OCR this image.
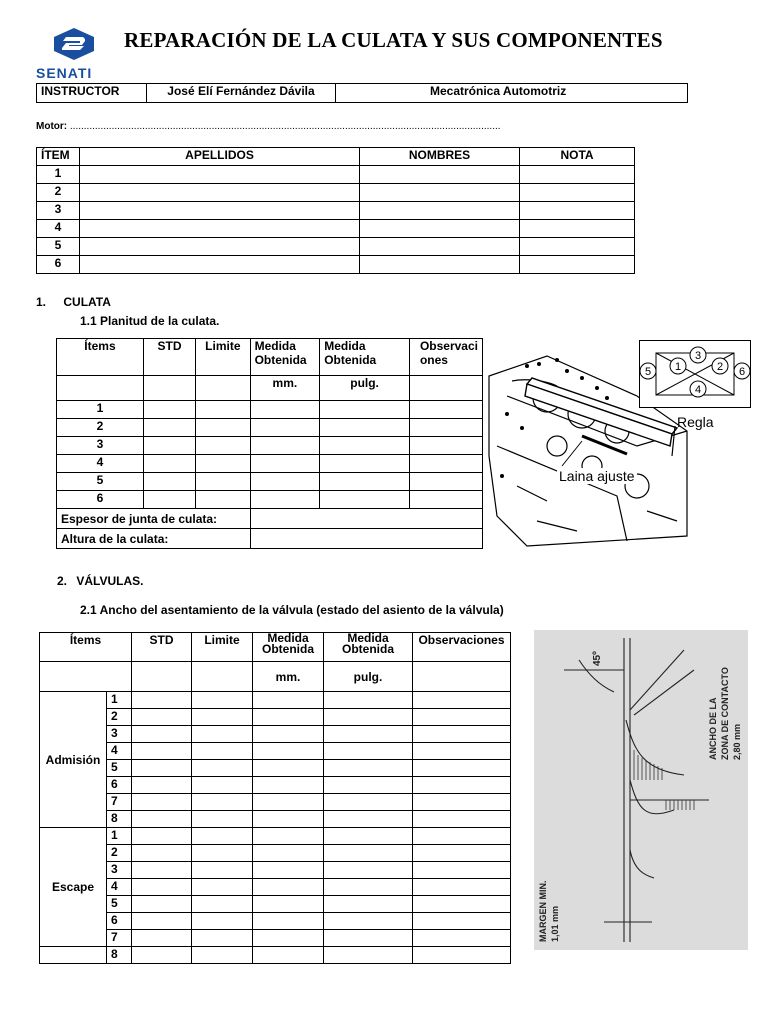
SENATI
REPARACIÓN DE LA CULATA Y SUS COMPONENTES
INSTRUCTOR	José Elí Fernández Dávila	Mecatrónica Automotriz
Motor: ...........................................................................................................................................................
ÍTEM	APELLIDOS	NOMBRES	NOTA
1			
2			
3			
4			
5			
6			
1. CULATA
1.1 Planitud de la culata.
Ítems	STD	Limite	Medida Obtenida	Medida Obtenida	Observaci ones
			mm.	pulg.	
1					
2					
3					
4					
5					
6					
Espesor de junta de culata:					
Altura de la culata:					
Regla
Laina ajuste
1	2
3
4
5	6
2. VÁLVULAS.
2.1 Ancho del asentamiento de la válvula (estado del asiento de la válvula)
Ítems		STD	Limite	Medida Obtenida	Medida Obtenida	Observaciones
				mm.	pulg.	
Admisión	1					
	2					
	3					
	4					
	5					
	6					
	7					
	8					
Escape	1					
	2					
	3					
	4					
	5					
	6					
	7					
	8					
45º
ANCHO DE LA ZONA DE CONTACTO 2,80 mm
MARGEN MIN. 1,01 mm
